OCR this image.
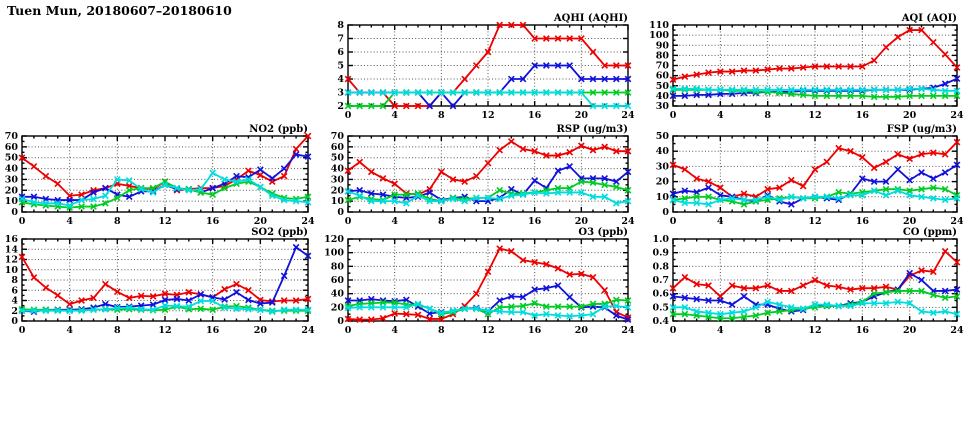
Tuen Mun, 20180607–20180610
AQHI (AQHI)
2
3
4
5
6
7
8
0	4	8	12	16	20	24
AQI (AQI)
30
40
50
60
70
80
90
100
110
0	4	8	12	16	20	24
NO2 (ppb)
0
10
20
30
40
50
60
70
0	4	8	12	16	20	24
RSP (ug/m3)
0
10
20
30
40
50
60
70
0	4	8	12	16	20	24
FSP (ug/m3)
0
10
20
30
40
50
0	4	8	12	16	20	24
SO2 (ppb)
0
2
4
6
8
10
12
14
16
0	4	8	12	16	20	24
O3 (ppb)
0
20
40
60
80
100
120
0	4	8	12	16	20	24
CO (ppm)
0.4
0.5
0.6
0.7
0.8
0.9
1.0
0	4	8	12	16	20	24
